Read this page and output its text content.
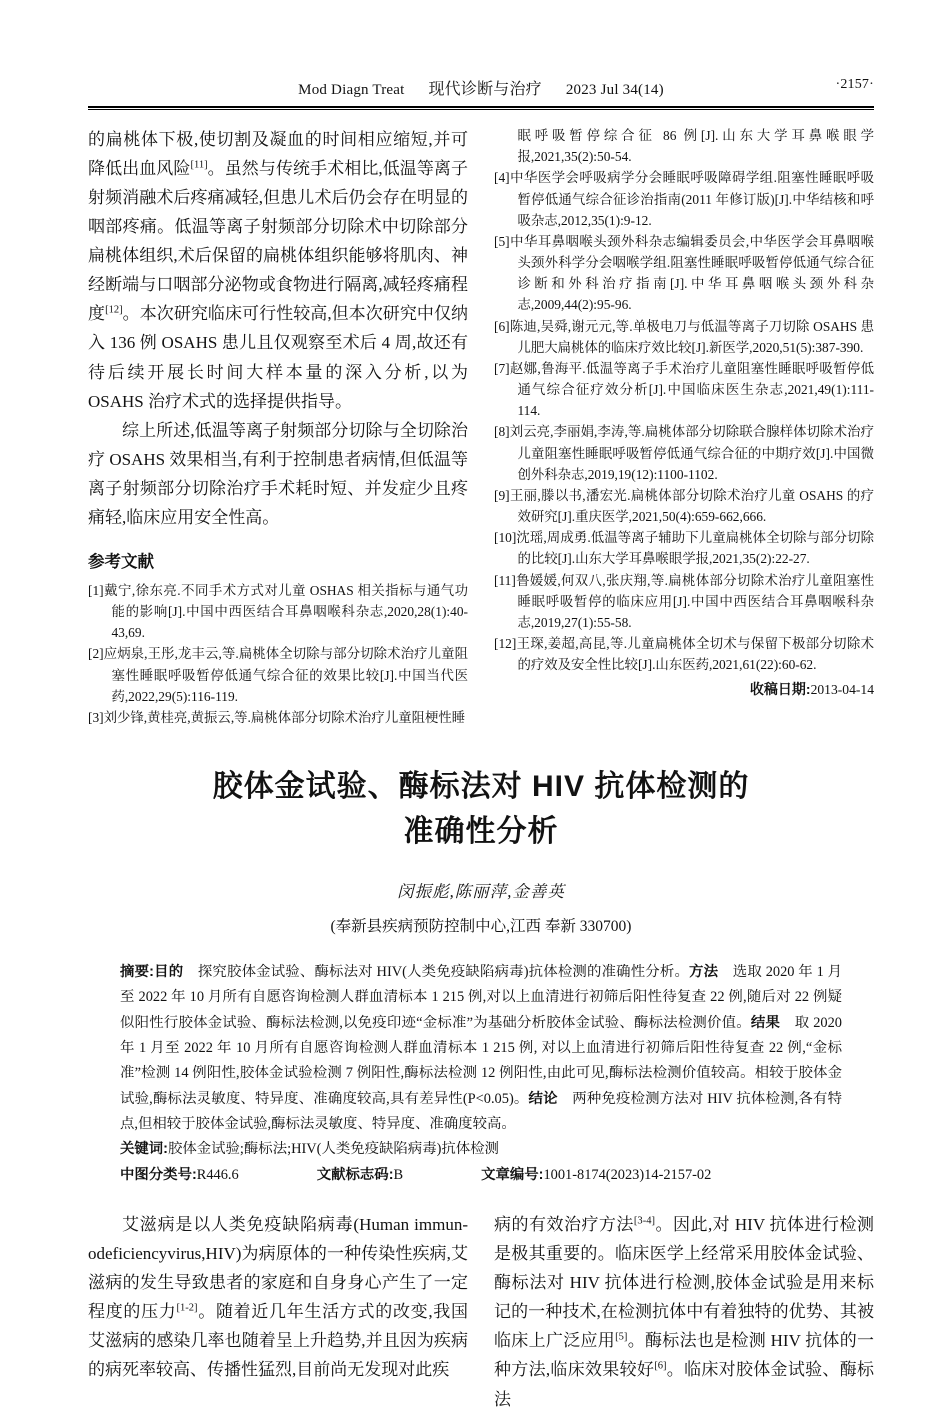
Mod Diagn Treat 现代诊断与治疗 2023 Jul 34(14)	·2157·

的扁桃体下极,使切割及凝血的时间相应缩短,并可降低出血风险[11]。虽然与传统手术相比,低温等离子射频消融术后疼痛减轻,但患儿术后仍会存在明显的咽部疼痛。低温等离子射频部分切除术中切除部分扁桃体组织,术后保留的扁桃体组织能够将肌肉、神经断端与口咽部分泌物或食物进行隔离,减轻疼痛程度[12]。本次研究临床可行性较高,但本次研究中仅纳入 136 例 OSAHS 患儿且仅观察至术后 4 周,故还有待后续开展长时间大样本量的深入分析,以为 OSAHS 治疗术式的选择提供指导。

综上所述,低温等离子射频部分切除与全切除治疗 OSAHS 效果相当,有利于控制患者病情,但低温等离子射频部分切除治疗手术耗时短、并发症少且疼痛轻,临床应用安全性高。

参考文献
[1]戴宁,徐东亮.不同手术方式对儿童 OSHAS 相关指标与通气功能的影响[J].中国中西医结合耳鼻咽喉科杂志,2020,28(1):40-43,69.
[2]应炳泉,王彤,龙丰云,等.扁桃体全切除与部分切除术治疗儿童阻塞性睡眠呼吸暂停低通气综合征的效果比较[J].中国当代医药,2022,29(5):116-119.
[3]刘少锋,黄桂亮,黄振云,等.扁桃体部分切除术治疗儿童阻梗性睡
眠呼吸暂停综合征 86 例[J].山东大学耳鼻喉眼学报,2021,35(2):50-54.
[4]中华医学会呼吸病学分会睡眠呼吸障碍学组.阻塞性睡眠呼吸暂停低通气综合征诊治指南(2011 年修订版)[J].中华结核和呼吸杂志,2012,35(1):9-12.
[5]中华耳鼻咽喉头颈外科杂志编辑委员会,中华医学会耳鼻咽喉头颈外科学分会咽喉学组.阻塞性睡眠呼吸暂停低通气综合征诊断和外科治疗指南[J].中华耳鼻咽喉头颈外科杂志,2009,44(2):95-96.
[6]陈迪,吴舜,谢元元,等.单极电刀与低温等离子刀切除 OSAHS 患儿肥大扁桃体的临床疗效比较[J].新医学,2020,51(5):387-390.
[7]赵娜,鲁海平.低温等离子手术治疗儿童阻塞性睡眠呼吸暂停低通气综合征疗效分析[J].中国临床医生杂志,2021,49(1):111-114.
[8]刘云亮,李丽娟,李涛,等.扁桃体部分切除联合腺样体切除术治疗儿童阻塞性睡眠呼吸暂停低通气综合征的中期疗效[J].中国微创外科杂志,2019,19(12):1100-1102.
[9]王丽,滕以书,潘宏光.扁桃体部分切除术治疗儿童 OSAHS 的疗效研究[J].重庆医学,2021,50(4):659-662,666.
[10]沈瑶,周成勇.低温等离子辅助下儿童扁桃体全切除与部分切除的比较[J].山东大学耳鼻喉眼学报,2021,35(2):22-27.
[11]鲁媛媛,何双八,张庆翔,等.扁桃体部分切除术治疗儿童阻塞性睡眠呼吸暂停的临床应用[J].中国中西医结合耳鼻咽喉科杂志,2019,27(1):55-58.
[12]王琛,姜超,高昆,等.儿童扁桃体全切术与保留下极部分切除术的疗效及安全性比较[J].山东医药,2021,61(22):60-62.
收稿日期:2013-04-14
胶体金试验、酶标法对 HIV 抗体检测的
准确性分析
闵振彪,陈丽萍,金善英
(奉新县疾病预防控制中心,江西 奉新 330700)
摘要:目的　探究胶体金试验、酶标法对 HIV(人类免疫缺陷病毒)抗体检测的准确性分析。方法　选取 2020 年 1 月至 2022 年 10 月所有自愿咨询检测人群血清标本 1 215 例,对以上血清进行初筛后阳性待复查 22 例,随后对 22 例疑似阳性行胶体金试验、酶标法检测,以免疫印迹“金标准”为基础分析胶体金试验、酶标法检测价值。结果　取 2020 年 1 月至 2022 年 10 月所有自愿咨询检测人群血清标本 1 215 例, 对以上血清进行初筛后阳性待复查 22 例,“金标准”检测 14 例阳性,胶体金试验检测 7 例阳性,酶标法检测 12 例阳性,由此可见,酶标法检测价值较高。相较于胶体金试验,酶标法灵敏度、特异度、准确度较高,具有差异性(P<0.05)。结论　两种免疫检测方法对 HIV 抗体检测,各有特点,但相较于胶体金试验,酶标法灵敏度、特异度、准确度较高。
关键词:胶体金试验;酶标法;HIV(人类免疫缺陷病毒)抗体检测
中图分类号:R446.6	文献标志码:B	文章编号:1001-8174(2023)14-2157-02

艾滋病是以人类免疫缺陷病毒(Human immun-odeficiencyvirus,HIV)为病原体的一种传染性疾病,艾滋病的发生导致患者的家庭和自身身心产生了一定程度的压力[1-2]。随着近几年生活方式的改变,我国艾滋病的感染几率也随着呈上升趋势,并且因为疾病的病死率较高、传播性猛烈,目前尚无发现对此疾

病的有效治疗方法[3-4]。因此,对 HIV 抗体进行检测是极其重要的。临床医学上经常采用胶体金试验、酶标法对 HIV 抗体进行检测,胶体金试验是用来标记的一种技术,在检测抗体中有着独特的优势、其被临床上广泛应用[5]。酶标法也是检测 HIV 抗体的一种方法,临床效果较好[6]。临床对胶体金试验、酶标法
